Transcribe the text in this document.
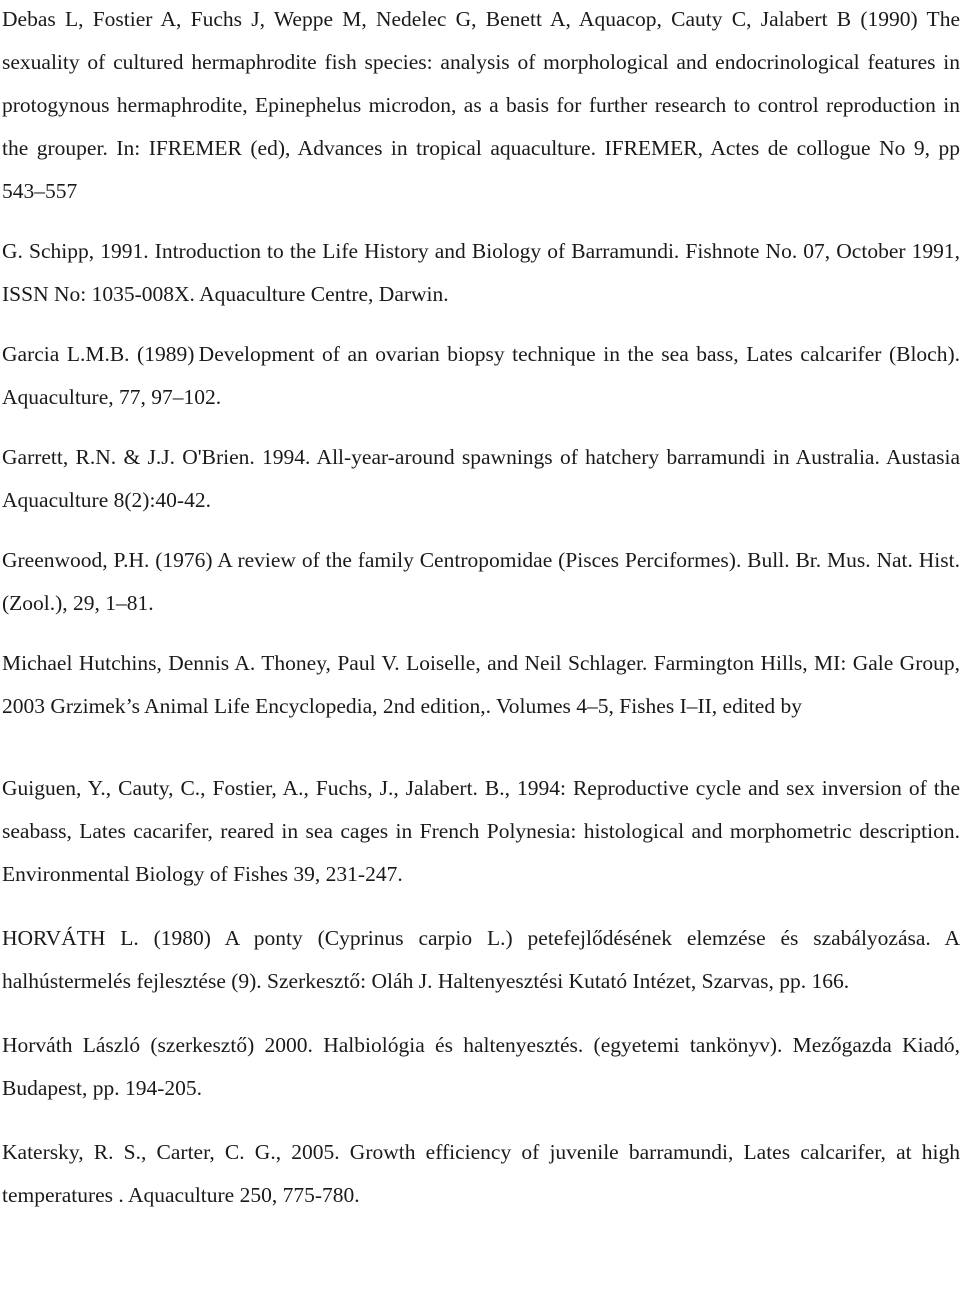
Debas L, Fostier A, Fuchs J, Weppe M, Nedelec G, Benett A, Aquacop, Cauty C, Jalabert B (1990) The sexuality of cultured hermaphrodite fish species: analysis of morphological and endocrinological features in protogynous hermaphrodite, Epinephelus microdon, as a basis for further research to control reproduction in the grouper. In: IFREMER (ed), Advances in tropical aquaculture. IFREMER, Actes de collogue No 9, pp 543–557

G. Schipp, 1991. Introduction to the Life History and Biology of Barramundi. Fishnote No. 07, October 1991, ISSN No: 1035-008X. Aquaculture Centre, Darwin.

Garcia L.M.B. (1989) Development of an ovarian biopsy technique in the sea bass, Lates calcarifer (Bloch). Aquaculture, 77, 97–102.

Garrett, R.N. & J.J. O'Brien. 1994. All-year-around spawnings of hatchery barramundi in Australia. Austasia Aquaculture 8(2):40-42.

Greenwood, P.H. (1976) A review of the family Centropomidae (Pisces Perciformes). Bull. Br. Mus. Nat. Hist. (Zool.), 29, 1–81.

Michael Hutchins, Dennis A. Thoney, Paul V. Loiselle, and Neil Schlager. Farmington Hills, MI: Gale Group, 2003 Grzimek’s Animal Life Encyclopedia, 2nd edition,. Volumes 4–5, Fishes I–II, edited by

Guiguen, Y., Cauty, C., Fostier, A., Fuchs, J., Jalabert. B., 1994: Reproductive cycle and sex inversion of the seabass, Lates cacarifer, reared in sea cages in French Polynesia: histological and morphometric description. Environmental Biology of Fishes 39, 231-247.

HORVÁTH L. (1980) A ponty (Cyprinus carpio L.) petefejlődésének elemzése és szabályozása. A halhústermelés fejlesztése (9). Szerkesztő: Oláh J. Haltenyesztési Kutató Intézet, Szarvas, pp. 166.

Horváth László (szerkesztő) 2000. Halbiológia és haltenyesztés. (egyetemi tankönyv). Mezőgazda Kiadó, Budapest, pp. 194-205.

Katersky, R. S., Carter, C. G., 2005. Growth efficiency of juvenile barramundi, Lates calcarifer, at high temperatures . Aquaculture 250, 775-780.
